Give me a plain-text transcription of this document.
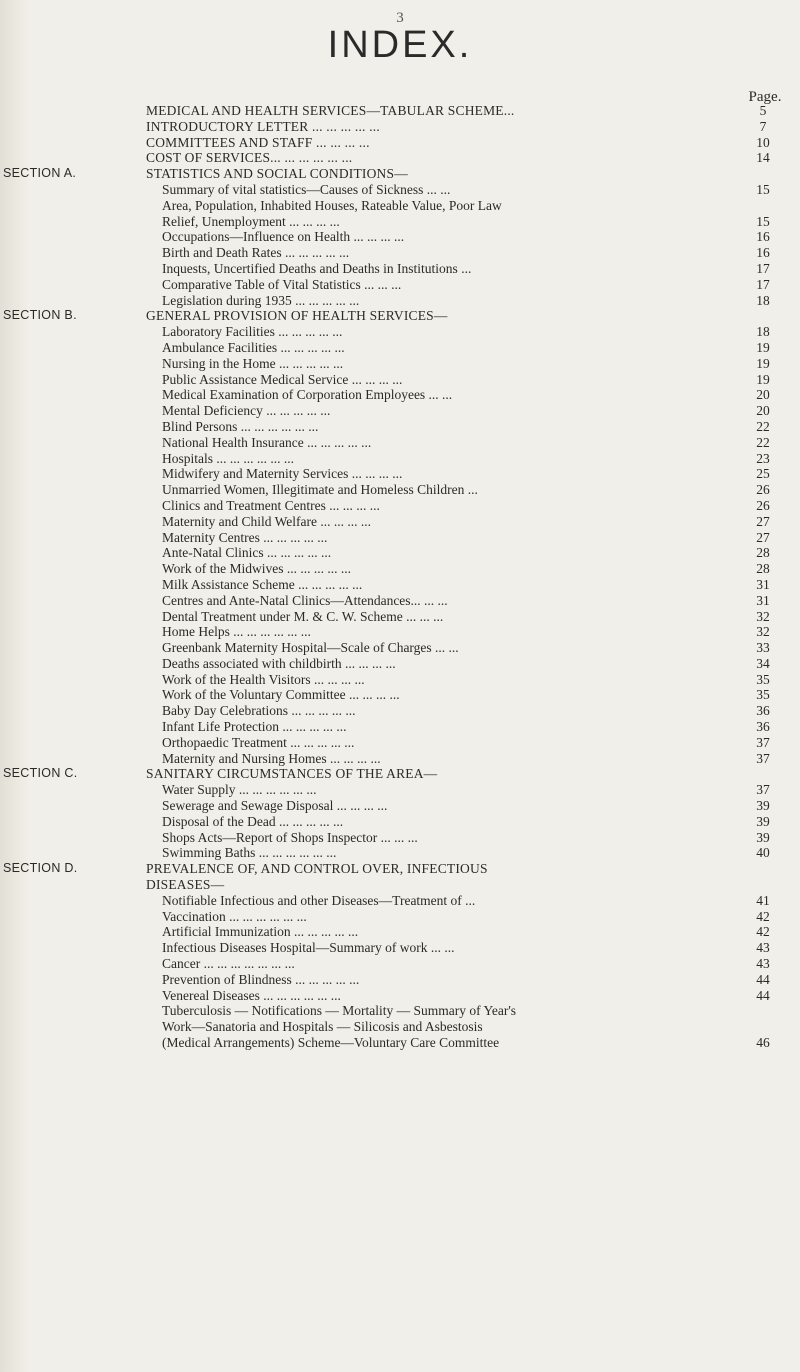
3
INDEX.
Page.
MEDICAL AND HEALTH SERVICES—TABULAR SCHEME...	5
INTRODUCTORY LETTER ... ... ... ... ...	7
COMMITTEES AND STAFF ... ... ... ...	10
COST OF SERVICES... ... ... ... ... ...	14
SECTION A.	STATISTICS AND SOCIAL CONDITIONS—
Summary of vital statistics—Causes of Sickness ... ...	15
Area, Population, Inhabited Houses, Rateable Value, Poor Law
Relief, Unemployment ... ... ... ...	15
Occupations—Influence on Health ... ... ... ...	16
Birth and Death Rates ... ... ... ... ...	16
Inquests, Uncertified Deaths and Deaths in Institutions ...	17
Comparative Table of Vital Statistics ... ... ...	17
Legislation during 1935 ... ... ... ... ...	18
SECTION B.	GENERAL PROVISION OF HEALTH SERVICES—
Laboratory Facilities ... ... ... ... ...	18
Ambulance Facilities ... ... ... ... ...	19
Nursing in the Home ... ... ... ... ...	19
Public Assistance Medical Service ... ... ... ...	19
Medical Examination of Corporation Employees ... ...	20
Mental Deficiency ... ... ... ... ...	20
Blind Persons ... ... ... ... ... ...	22
National Health Insurance ... ... ... ... ...	22
Hospitals ... ... ... ... ... ...	23
Midwifery and Maternity Services ... ... ... ...	25
Unmarried Women, Illegitimate and Homeless Children ...	26
Clinics and Treatment Centres ... ... ... ...	26
Maternity and Child Welfare ... ... ... ...	27
Maternity Centres ... ... ... ... ...	27
Ante-Natal Clinics ... ... ... ... ...	28
Work of the Midwives ... ... ... ... ...	28
Milk Assistance Scheme ... ... ... ... ...	31
Centres and Ante-Natal Clinics—Attendances... ... ...	31
Dental Treatment under M. & C. W. Scheme ... ... ...	32
Home Helps ... ... ... ... ... ...	32
Greenbank Maternity Hospital—Scale of Charges ... ...	33
Deaths associated with childbirth ... ... ... ...	34
Work of the Health Visitors ... ... ... ...	35
Work of the Voluntary Committee ... ... ... ...	35
Baby Day Celebrations ... ... ... ... ...	36
Infant Life Protection ... ... ... ... ...	36
Orthopaedic Treatment ... ... ... ... ...	37
Maternity and Nursing Homes ... ... ... ...	37
SECTION C.	SANITARY CIRCUMSTANCES OF THE AREA—
Water Supply ... ... ... ... ... ...	37
Sewerage and Sewage Disposal ... ... ... ...	39
Disposal of the Dead ... ... ... ... ...	39
Shops Acts—Report of Shops Inspector ... ... ...	39
Swimming Baths ... ... ... ... ... ...	40
SECTION D.	PREVALENCE OF, AND CONTROL OVER, INFECTIOUS
DISEASES—
Notifiable Infectious and other Diseases—Treatment of ...	41
Vaccination ... ... ... ... ... ...	42
Artificial Immunization ... ... ... ... ...	42
Infectious Diseases Hospital—Summary of work ... ...	43
Cancer ... ... ... ... ... ... ...	43
Prevention of Blindness ... ... ... ... ...	44
Venereal Diseases ... ... ... ... ... ...	44
Tuberculosis — Notifications — Mortality — Summary of Year's
Work—Sanatoria and Hospitals — Silicosis and Asbestosis
(Medical Arrangements) Scheme—Voluntary Care Committee	46
